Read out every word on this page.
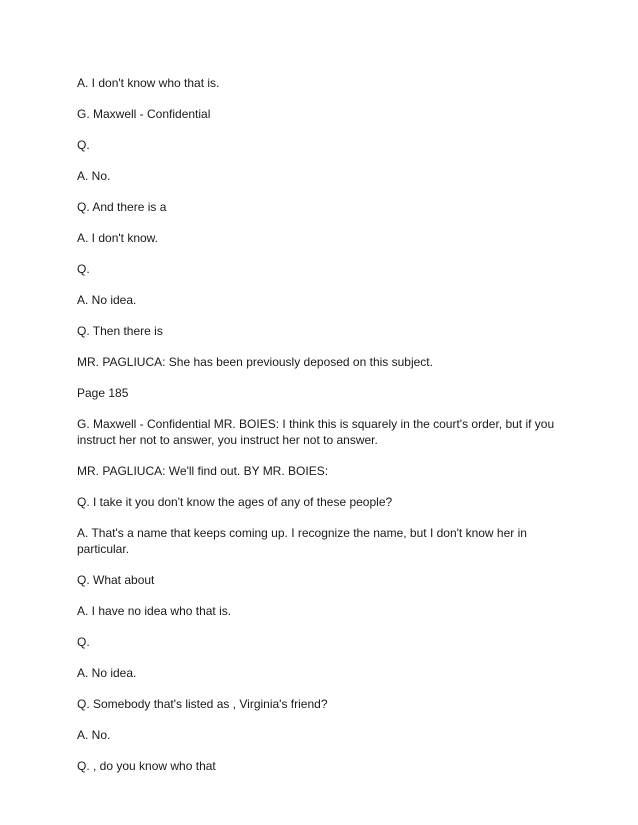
A. I don't know who that is.

G. Maxwell - Confidential

Q.

A. No.

Q. And there is a

A. I don't know.

Q.

A. No idea.

Q. Then there is

MR. PAGLIUCA: She has been previously deposed on this subject.

Page 185

G. Maxwell - Confidential MR. BOIES: I think this is squarely in the court's order, but if you instruct her not to answer, you instruct her not to answer.

MR. PAGLIUCA: We'll find out. BY MR. BOIES:

Q. I take it you don't know the ages of any of these people?

A. That's a name that keeps coming up. I recognize the name, but I don't know her in particular.

Q. What about

A. I have no idea who that is.

Q.

A. No idea.

Q. Somebody that's listed as , Virginia's friend?

A. No.

Q. , do you know who that
